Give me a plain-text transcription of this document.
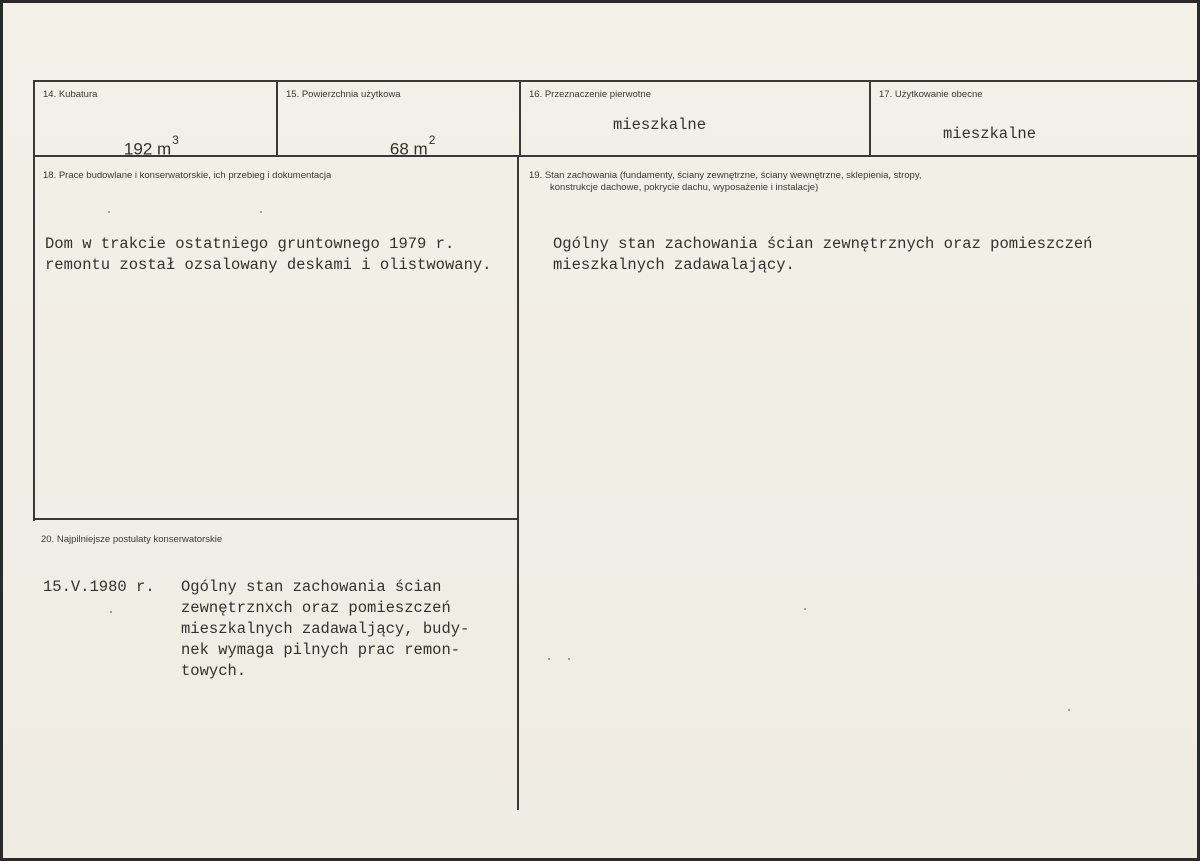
14. Kubatura

192 $m^3$

15. Powierzchnia użytkowa

68 $m^2$

16. Przeznaczenie pierwotne
mieszkalne
17. Użytkowanie obecne
mieszkalne
18. Prace budowlane i konserwatorskie, ich przebieg i dokumentacja
Dom w trakcie ostatniego gruntownego 1979 r.
remontu został ozsalowany deskami i olistwowany.
19. Stan zachowania (fundamenty, ściany zewnętrzne, ściany wewnętrzne, sklepienia, stropy,
konstrukcje dachowe, pokrycie dachu, wyposażenie i instalacje)
Ogólny stan zachowania ścian zewnętrznych oraz pomieszczeń
mieszkalnych zadawalający.
20. Najpilniejsze postulaty konserwatorskie
15.V.1980 r. Ogólny stan zachowania ścian
zewnętrznxch oraz pomieszczeń
mieszkalnych zadawaljący, budy-
nek wymaga pilnych prac remon-
towych.
